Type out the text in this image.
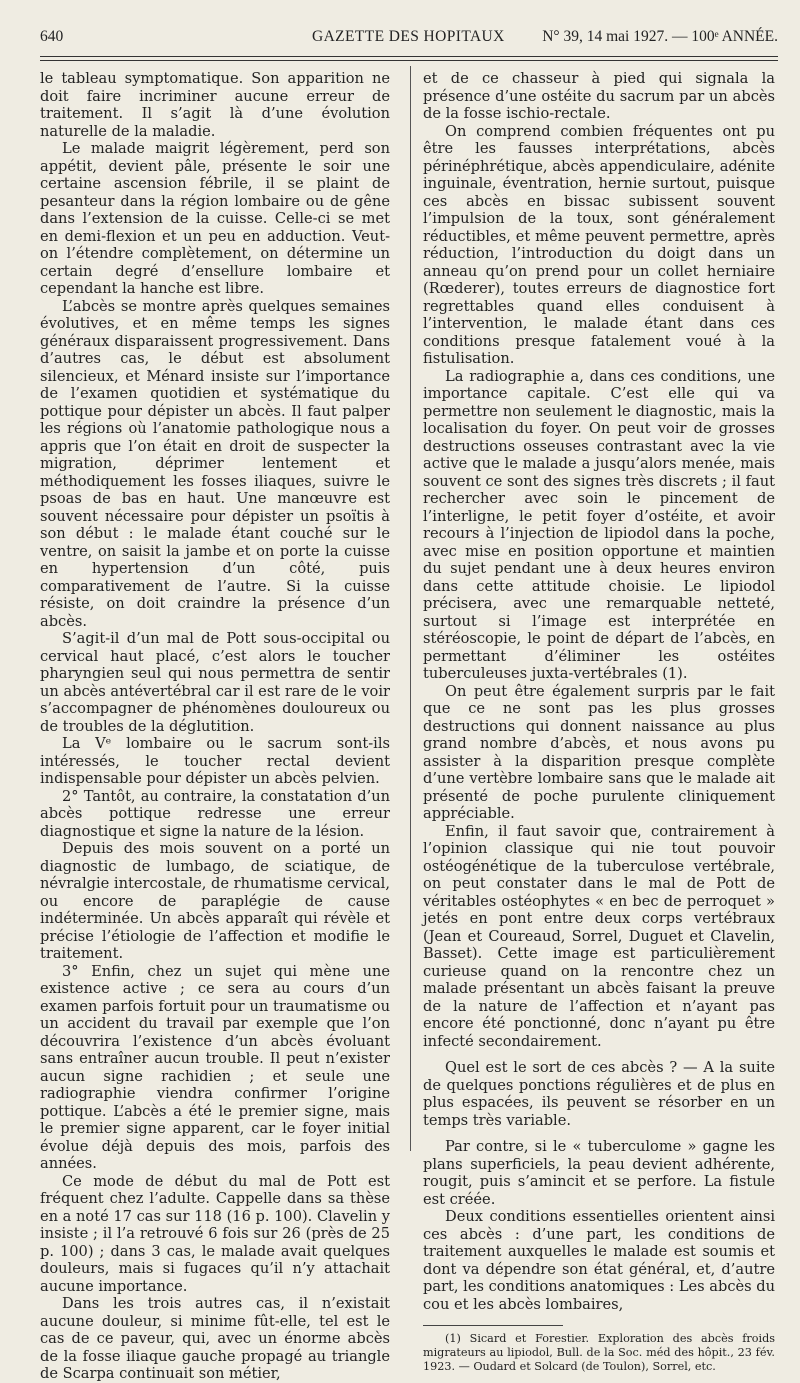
640	GAZETTE DES HOPITAUX N° 39, 14 mai 1927. — 100ᵉ ANNÉE.

le tableau symptomatique. Son apparition ne doit faire incriminer aucune erreur de traitement. Il s’agit là d’une évolution naturelle de la maladie.

Le malade maigrit légèrement, perd son appétit, devient pâle, présente le soir une certaine ascension fébrile, il se plaint de pesanteur dans la région lombaire ou de gêne dans l’extension de la cuisse. Celle-ci se met en demi-flexion et un peu en adduction. Veut-on l’étendre complètement, on détermine un certain degré d’ensellure lombaire et cependant la hanche est libre.

L’abcès se montre après quelques semaines évolutives, et en même temps les signes généraux disparaissent progressivement. Dans d’autres cas, le début est absolument silencieux, et Ménard insiste sur l’importance de l’examen quotidien et systématique du pottique pour dépister un abcès. Il faut palper les régions où l’anatomie pathologique nous a appris que l’on était en droit de suspecter la migration, déprimer lentement et méthodiquement les fosses iliaques, suivre le psoas de bas en haut. Une manœuvre est souvent nécessaire pour dépister un psoïtis à son début : le malade étant couché sur le ventre, on saisit la jambe et on porte la cuisse en hypertension d’un côté, puis comparativement de l’autre. Si la cuisse résiste, on doit craindre la présence d’un abcès.

S’agit-il d’un mal de Pott sous-occipital ou cervical haut placé, c’est alors le toucher pharyngien seul qui nous permettra de sentir un abcès antévertébral car il est rare de le voir s’accompagner de phénomènes douloureux ou de troubles de la déglutition.

La Vᵉ lombaire ou le sacrum sont-ils intéressés, le toucher rectal devient indispensable pour dépister un abcès pelvien.

2° Tantôt, au contraire, la constatation d’un abcès pottique redresse une erreur diagnostique et signe la nature de la lésion.

Depuis des mois souvent on a porté un diagnostic de lumbago, de sciatique, de névralgie intercostale, de rhumatisme cervical, ou encore de paraplégie de cause indéterminée. Un abcès apparaît qui révèle et précise l’étiologie de l’affection et modifie le traitement.

3° Enfin, chez un sujet qui mène une existence active ; ce sera au cours d’un examen parfois fortuit pour un traumatisme ou un accident du travail par exemple que l’on découvrira l’existence d’un abcès évoluant sans entraîner aucun trouble. Il peut n’exister aucun signe rachidien ; et seule une radiographie viendra confirmer l’origine pottique. L’abcès a été le premier signe, mais le premier signe apparent, car le foyer initial évolue déjà depuis des mois, parfois des années.

Ce mode de début du mal de Pott est fréquent chez l’adulte. Cappelle dans sa thèse en a noté 17 cas sur 118 (16 p. 100). Clavelin y insiste ; il l’a retrouvé 6 fois sur 26 (près de 25 p. 100) ; dans 3 cas, le malade avait quelques douleurs, mais si fugaces qu’il n’y attachait aucune importance.

Dans les trois autres cas, il n’existait aucune douleur, si minime fût-elle, tel est le cas de ce paveur, qui, avec un énorme abcès de la fosse iliaque gauche propagé au triangle de Scarpa continuait son métier,

et de ce chasseur à pied qui signala la présence d’une ostéite du sacrum par un abcès de la fosse ischio-rectale.

On comprend combien fréquentes ont pu être les fausses interprétations, abcès périnéphrétique, abcès appendiculaire, adénite inguinale, éventration, hernie surtout, puisque ces abcès en bissac subissent souvent l’impulsion de la toux, sont généralement réductibles, et même peuvent permettre, après réduction, l’introduction du doigt dans un anneau qu’on prend pour un collet herniaire (Rœderer), toutes erreurs de diagnostice fort regrettables quand elles conduisent à l’intervention, le malade étant dans ces conditions presque fatalement voué à la fistulisation.

La radiographie a, dans ces conditions, une importance capitale. C’est elle qui va permettre non seulement le diagnostic, mais la localisation du foyer. On peut voir de grosses destructions osseuses contrastant avec la vie active que le malade a jusqu’alors menée, mais souvent ce sont des signes très discrets ; il faut rechercher avec soin le pincement de l’interligne, le petit foyer d’ostéite, et avoir recours à l’injection de lipiodol dans la poche, avec mise en position opportune et maintien du sujet pendant une à deux heures environ dans cette attitude choisie. Le lipiodol précisera, avec une remarquable netteté, surtout si l’image est interprétée en stéréoscopie, le point de départ de l’abcès, en permettant d’éliminer les ostéites tuberculeuses juxta-vertébrales (1).

On peut être également surpris par le fait que ce ne sont pas les plus grosses destructions qui donnent naissance au plus grand nombre d’abcès, et nous avons pu assister à la disparition presque complète d’une vertèbre lombaire sans que le malade ait présenté de poche purulente cliniquement appréciable.

Enfin, il faut savoir que, contrairement à l’opinion classique qui nie tout pouvoir ostéogénétique de la tuberculose vertébrale, on peut constater dans le mal de Pott de véritables ostéophytes « en bec de perroquet » jetés en pont entre deux corps vertébraux (Jean et Coureaud, Sorrel, Duguet et Clavelin, Basset). Cette image est particulièrement curieuse quand on la rencontre chez un malade présentant un abcès faisant la preuve de la nature de l’affection et n’ayant pas encore été ponctionné, donc n’ayant pu être infecté secondairement.

Quel est le sort de ces abcès ? — A la suite de quelques ponctions régulières et de plus en plus espacées, ils peuvent se résorber en un temps très variable.

Par contre, si le « tuberculome » gagne les plans superficiels, la peau devient adhérente, rougit, puis s’amincit et se perfore. La fistule est créée.

Deux conditions essentielles orientent ainsi ces abcès : d’une part, les conditions de traitement auxquelles le malade est soumis et dont va dépendre son état général, et, d’autre part, les conditions anatomiques : Les abcès du cou et les abcès lombaires,

(1) Sicard et Forestier. Exploration des abcès froids migrateurs au lipiodol, Bull. de la Soc. méd des hôpit., 23 fév. 1923. — Oudard et Solcard (de Toulon), Sorrel, etc.
